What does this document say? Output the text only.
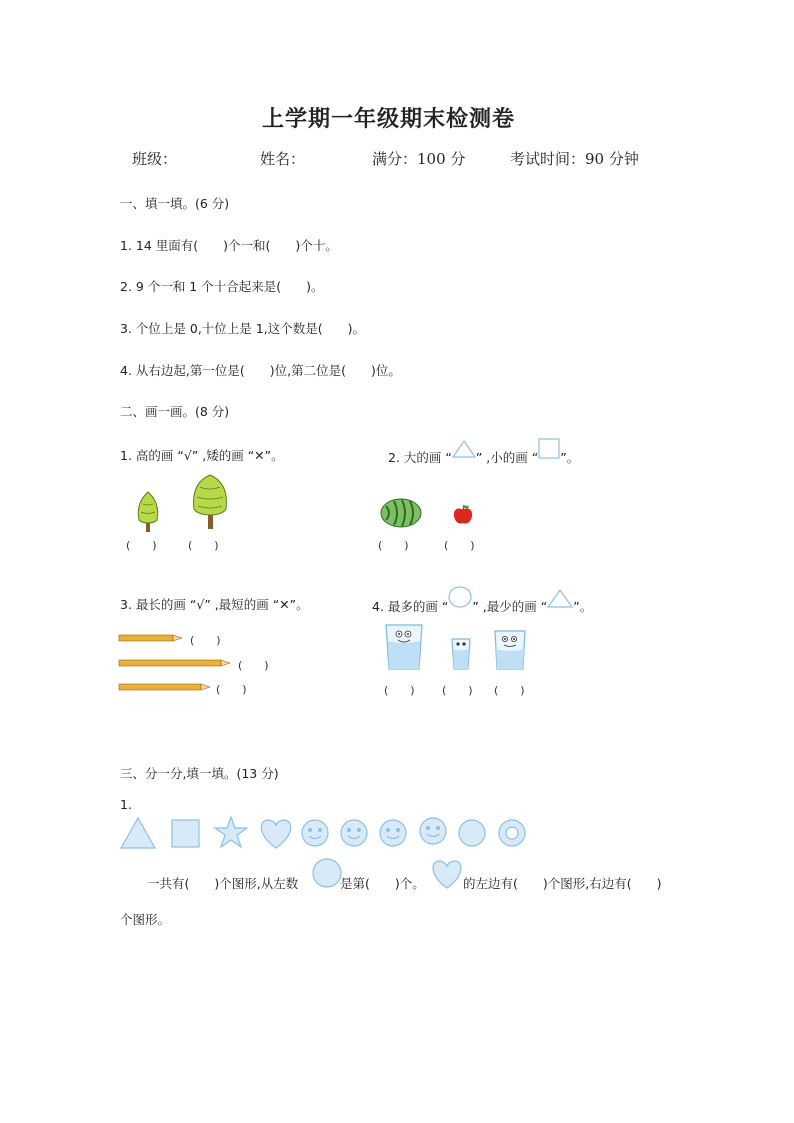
上学期一年级期末检测卷
班级：	姓名：	满分：100 分	考试时间：90 分钟
一、填一填。(6 分)
1. 14 里面有(　　)个一和(　　)个十。
2. 9 个一和 1 个十合起来是(　　)。
3. 个位上是 0,十位上是 1,这个数是(　　)。
4. 从右边起,第一位是(　　)位,第二位是(　　)位。
二、画一画。(8 分)
1. 高的画 “√” ,矮的画 “✕”。	2. 大的画 “ ” ,小的画 “ ”。
(　　)	(　　)	(　　)	(　　)
3. 最长的画 “√” ,最短的画 “✕”。	4. 最多的画 “ ” ,最少的画 “ ”。
(　　)
(　　)
(　　)	(　　) (　　) (　　)
三、分一分,填一填。(13 分)
1.
一共有(　　)个图形,从左数	是第(　　)个。	的左边有(　　)个图形,右边有(　　)
个图形。
